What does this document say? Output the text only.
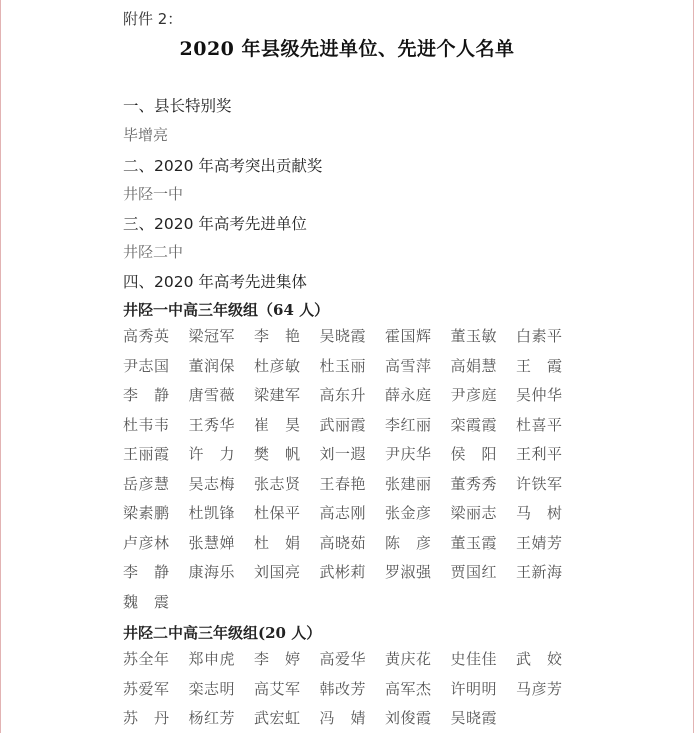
附件 2：
2020 年县级先进单位、先进个人名单
一、县长特别奖
毕增亮
二、2020 年高考突出贡献奖
井陉一中
三、2020 年高考先进单位
井陉二中
四、2020 年高考先进集体
井陉一中高三年级组（64 人）
高秀英	梁冠军	李　艳	吴晓霞	霍国辉	董玉敏	白素平
尹志国	董润保	杜彦敏	杜玉丽	高雪萍	高娟慧	王　霞
李　静	唐雪薇	梁建军	高东升	薛永庭	尹彦庭	吴仲华
杜韦韦	王秀华	崔　昊	武丽霞	李红丽	栾霞霞	杜喜平
王丽霞	许　力	樊　帆	刘一遐	尹庆华	侯　阳	王利平
岳彦慧	吴志梅	张志贤	王春艳	张建丽	董秀秀	许铁军
梁素鹏	杜凯锋	杜保平	高志刚	张金彦	梁丽志	马　树
卢彦林	张慧婵	杜　娟	高晓茹	陈　彦	董玉霞	王婧芳
李　静	康海乐	刘国亮	武彬莉	罗淑强	贾国红	王新海
魏　震
井陉二中高三年级组(20 人）
苏全年	郑申虎	李　婷	高爱华	黄庆花	史佳佳	武　姣
苏爱军	栾志明	高艾军	韩改芳	高军杰	许明明	马彦芳
苏　丹	杨红芳	武宏虹	冯　婧	刘俊霞	吴晓霞
